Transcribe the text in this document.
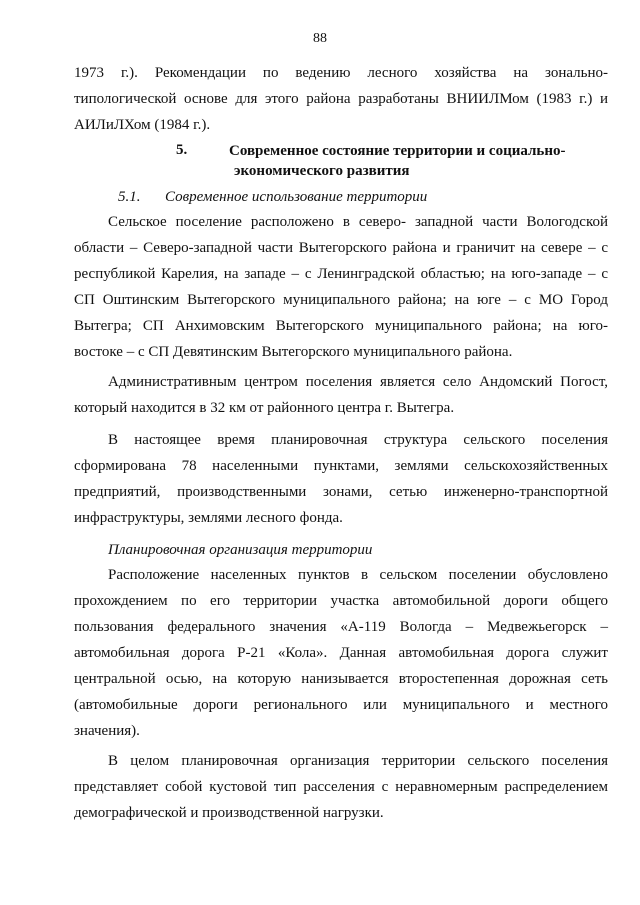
88
1973 г.). Рекомендации по ведению лесного хозяйства на зонально-
типологической основе для этого района разработаны ВНИИЛМом (1983 г.) и
АИЛиЛХом (1984 г.).
5.	Современное состояние территории и социально-
экономического развития
5.1. Современное использование территории
Сельское поселение расположено в северо- западной части Вологодской
области – Северо-западной части Вытегорского района и граничит на севере – с
республикой Карелия, на западе – с Ленинградской областью; на юго-западе – с
СП Оштинским Вытегорского муниципального района; на юге – с МО Город
Вытегра; СП Анхимовским Вытегорского муниципального района; на юго-
востоке – с СП Девятинским Вытегорского муниципального района.
Административным центром поселения является село Андомский Погост,
который находится в 32 км от районного центра г. Вытегра.
В настоящее время планировочная структура сельского поселения
сформирована 78 населенными пунктами, землями сельскохозяйственных
предприятий, производственными зонами, сетью инженерно-транспортной
инфраструктуры, землями лесного фонда.
Планировочная организация территории
Расположение населенных пунктов в сельском поселении обусловлено
прохождением по его территории участка автомобильной дороги общего
пользования федерального значения «А-119 Вологда – Медвежьегорск –
автомобильная дорога Р-21 «Кола». Данная автомобильная дорога служит
центральной осью, на которую нанизывается второстепенная дорожная сеть
(автомобильные дороги регионального или муниципального и местного
значения).
В целом планировочная организация территории сельского поселения
представляет собой кустовой тип расселения с неравномерным распределением
демографической и производственной нагрузки.
